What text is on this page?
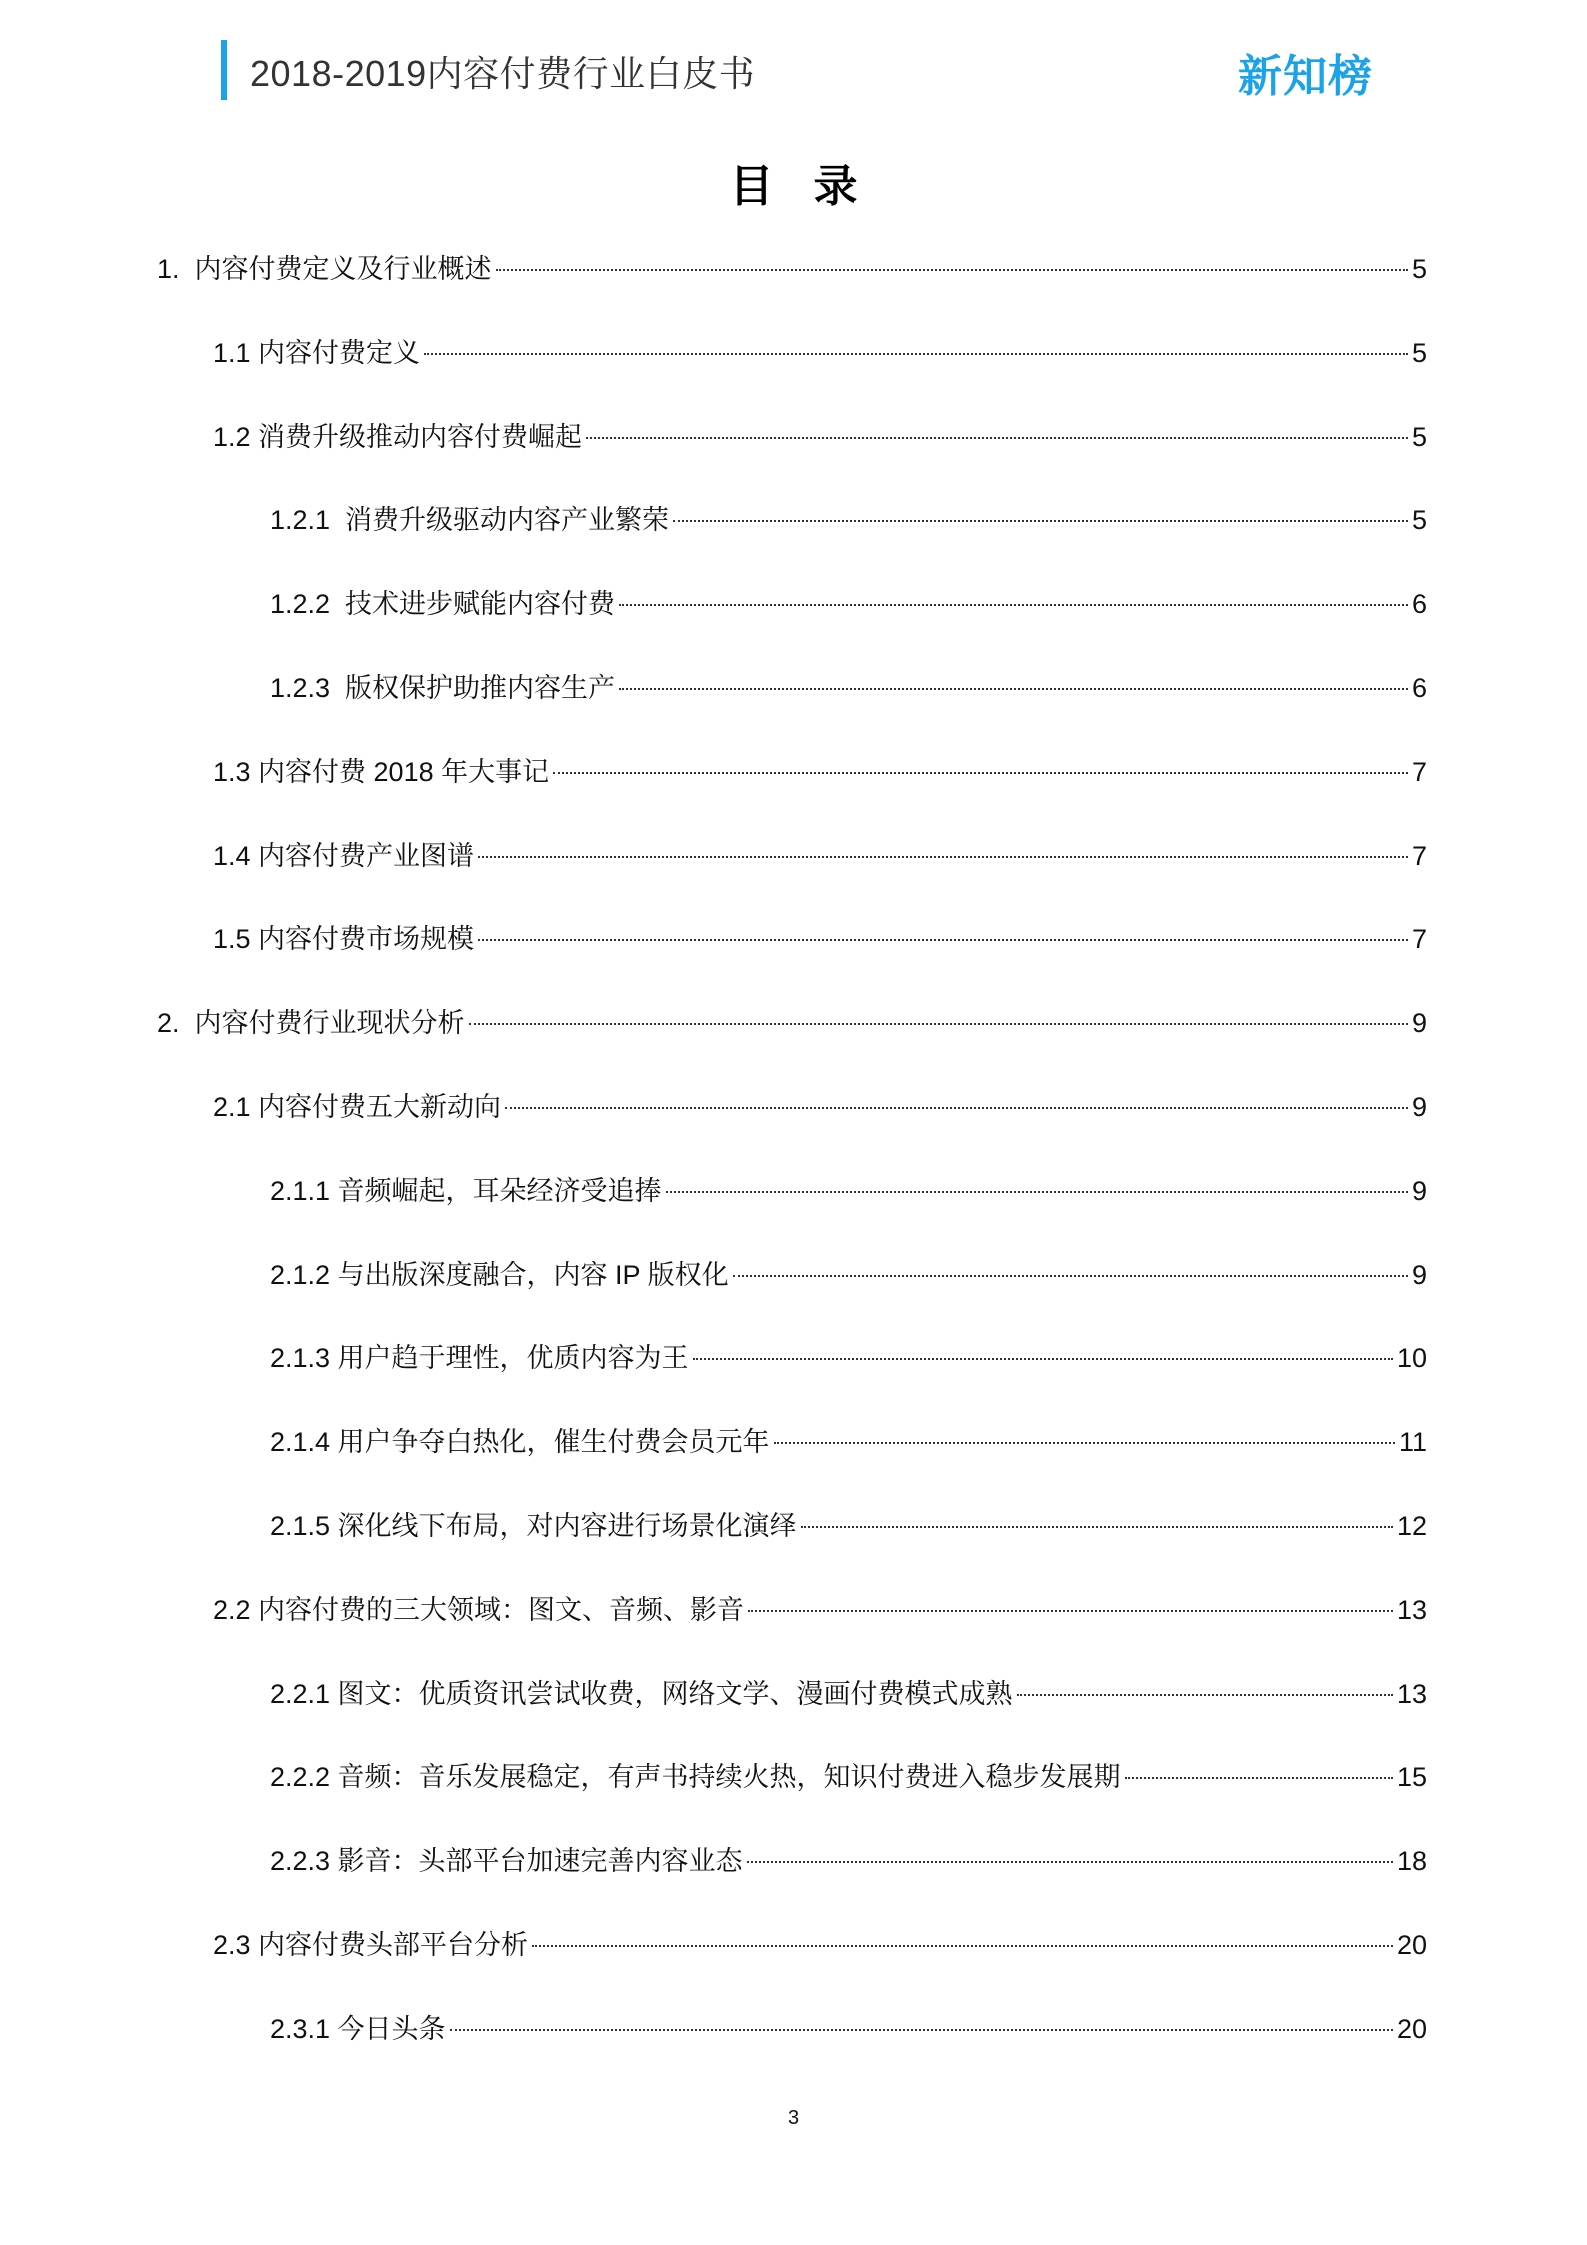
2018-2019内容付费行业白皮书	新知榜
目录
1.  内容付费定义及行业概述	5
1.1 内容付费定义	5
1.2 消费升级推动内容付费崛起	5
1.2.1  消费升级驱动内容产业繁荣	5
1.2.2  技术进步赋能内容付费	6
1.2.3  版权保护助推内容生产	6
1.3 内容付费 2018 年大事记	7
1.4 内容付费产业图谱	7
1.5 内容付费市场规模	7
2.  内容付费行业现状分析	9
2.1 内容付费五大新动向	9
2.1.1 音频崛起，耳朵经济受追捧	9
2.1.2 与出版深度融合，内容 IP 版权化	9
2.1.3 用户趋于理性，优质内容为王	10
2.1.4 用户争夺白热化，催生付费会员元年	11
2.1.5 深化线下布局，对内容进行场景化演绎	12
2.2 内容付费的三大领域：图文、音频、影音	13
2.2.1 图文：优质资讯尝试收费，网络文学、漫画付费模式成熟	13
2.2.2 音频：音乐发展稳定，有声书持续火热，知识付费进入稳步发展期	15
2.2.3 影音：头部平台加速完善内容业态	18
2.3 内容付费头部平台分析	20
2.3.1 今日头条	20
3
